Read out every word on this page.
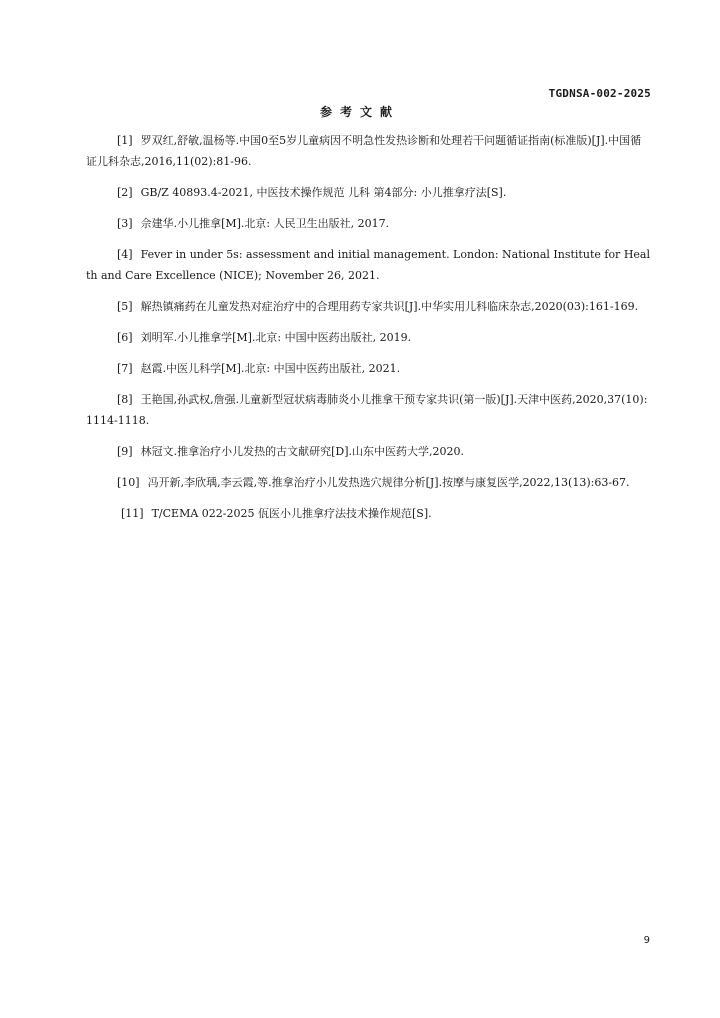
TGDNSA-002-2025
参考文献

[1] 罗双红,舒敏,温杨等.中国0至5岁儿童病因不明急性发热诊断和处理若干问题循证指南(标准版)[J].中国循证儿科杂志,2016,11(02):81-96.

[2] GB/Z 40893.4-2021, 中医技术操作规范 儿科 第4部分: 小儿推拿疗法[S].

[3] 佘建华.小儿推拿[M].北京: 人民卫生出版社, 2017.

[4] Fever in under 5s: assessment and initial management. London: National Institute for Health and Care Excellence (NICE); November 26, 2021.

[5] 解热镇痛药在儿童发热对症治疗中的合理用药专家共识[J].中华实用儿科临床杂志,2020(03):161-169.

[6] 刘明军.小儿推拿学[M].北京: 中国中医药出版社, 2019.

[7] 赵霞.中医儿科学[M].北京: 中国中医药出版社, 2021.

[8] 王艳国,孙武权,詹强.儿童新型冠状病毒肺炎小儿推拿干预专家共识(第一版)[J].天津中医药,2020,37(10):1114-1118.

[9] 林冠文.推拿治疗小儿发热的古文献研究[D].山东中医药大学,2020.

[10] 冯开新,李欣瑀,李云霞,等.推拿治疗小儿发热选穴规律分析[J].按摩与康复医学,2022,13(13):63-67.

[11] T/CEMA 022-2025 佤医小儿推拿疗法技术操作规范[S].

9
